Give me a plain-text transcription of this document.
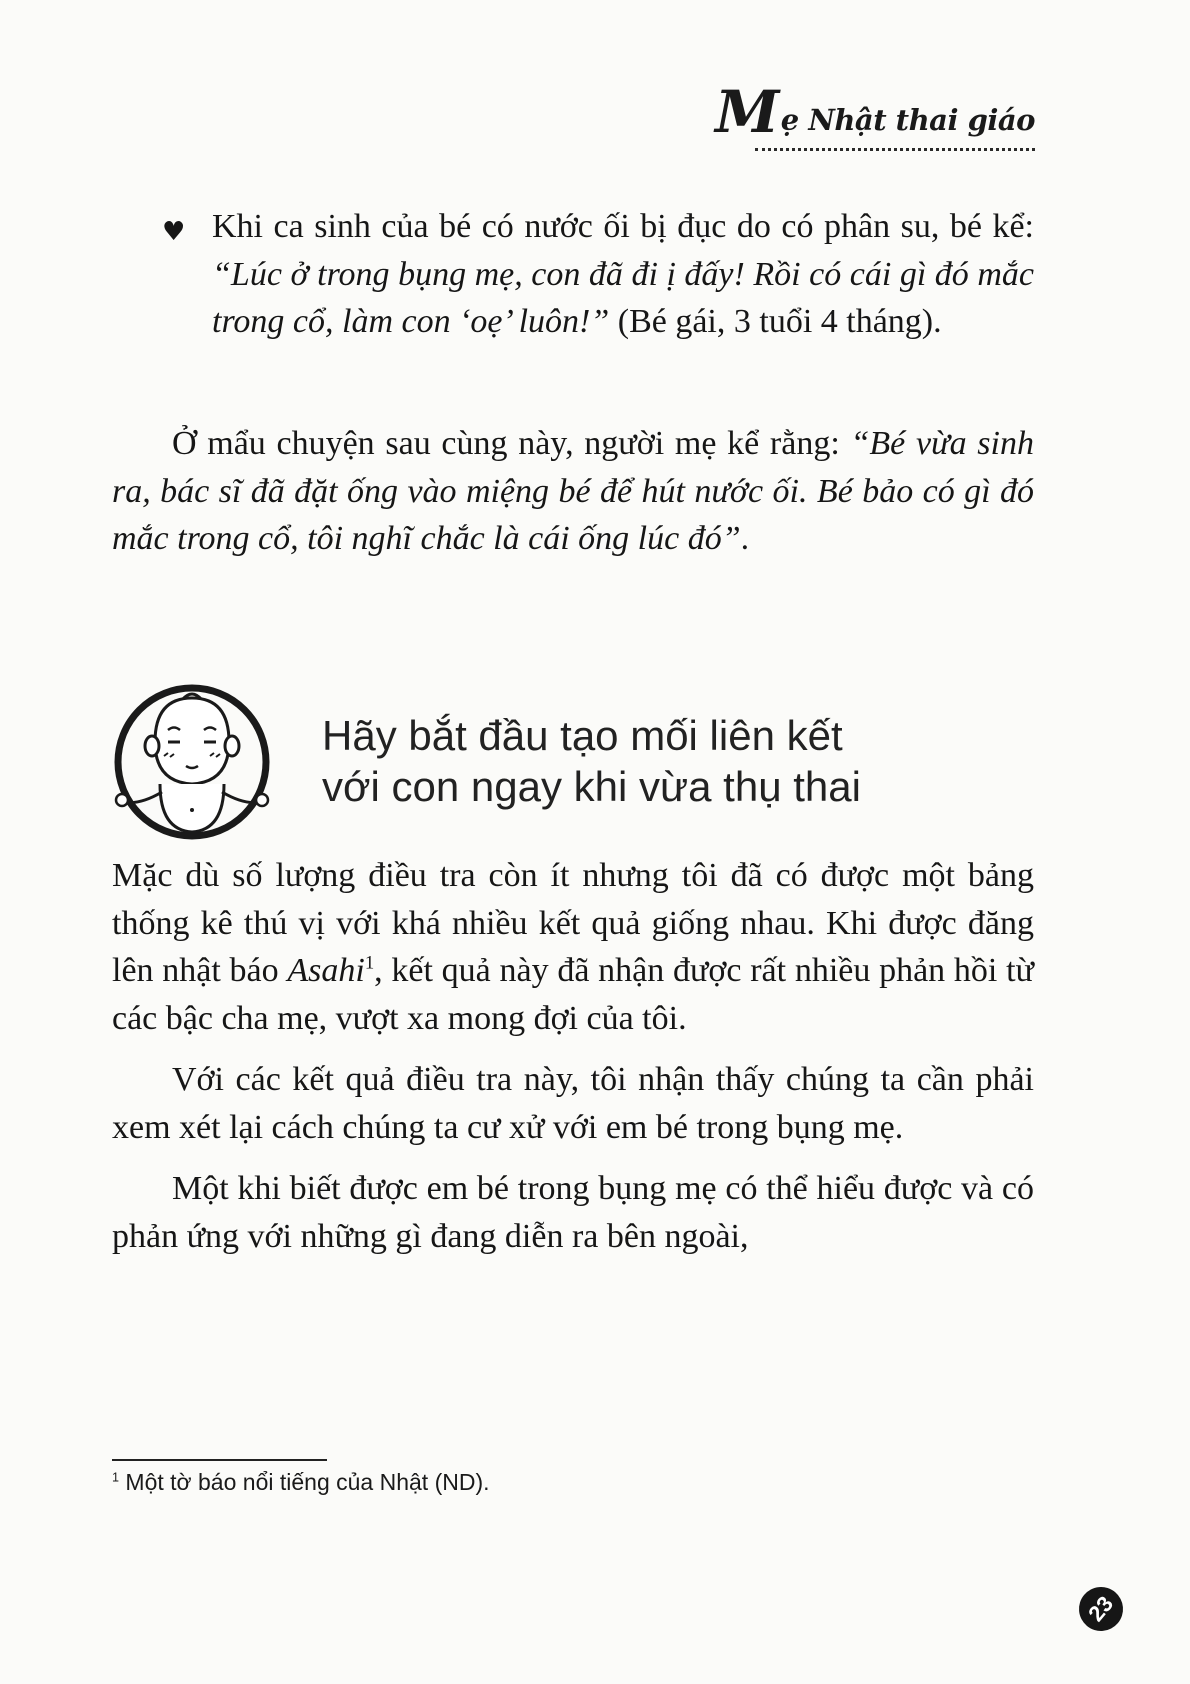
Mẹ Nhật thai giáo
♥ Khi ca sinh của bé có nước ối bị đục do có phân su, bé kể: “Lúc ở trong bụng mẹ, con đã đi ị đấy! Rồi có cái gì đó mắc trong cổ, làm con ‘oẹ’ luôn!” (Bé gái, 3 tuổi 4 tháng).

Ở mẩu chuyện sau cùng này, người mẹ kể rằng: “Bé vừa sinh ra, bác sĩ đã đặt ống vào miệng bé để hút nước ối. Bé bảo có gì đó mắc trong cổ, tôi nghĩ chắc là cái ống lúc đó”.

Hãy bắt đầu tạo mối liên kết
với con ngay khi vừa thụ thai

Mặc dù số lượng điều tra còn ít nhưng tôi đã có được một bảng thống kê thú vị với khá nhiều kết quả giống nhau. Khi được đăng lên nhật báo Asahi$^1$, kết quả này đã nhận được rất nhiều phản hồi từ các bậc cha mẹ, vượt xa mong đợi của tôi.

Với các kết quả điều tra này, tôi nhận thấy chúng ta cần phải xem xét lại cách chúng ta cư xử với em bé trong bụng mẹ.

Một khi biết được em bé trong bụng mẹ có thể hiểu được và có phản ứng với những gì đang diễn ra bên ngoài,

$^1$ Một tờ báo nổi tiếng của Nhật (ND).
23
